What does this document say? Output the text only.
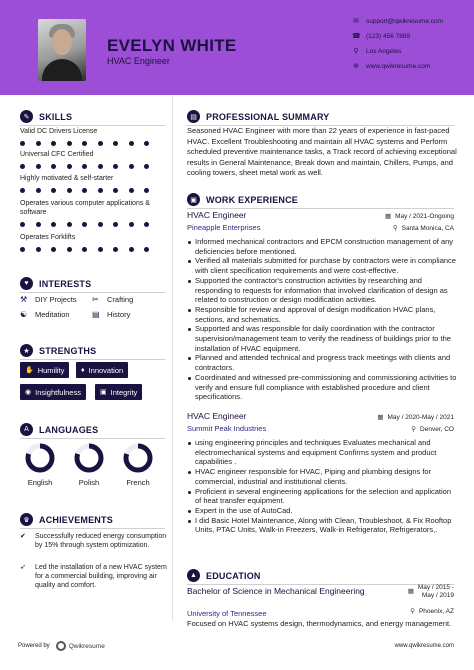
EVELYN WHITE
HVAC Engineer
✉ support@qwikresume.com
☎ (123) 456 7889
⚲ Los Angeles
⊕ www.qwikresume.com
✎	SKILLS
Valid DC Drivers License
Universal CFC Certified
Highly motivated & self-starter
Operates various computer applications & software
Operates Forklifts
♥	INTERESTS
⚒	DIY Projects ✂	Crafting
☯	Meditation	▤ History
★	STRENGTHS
✋ Humility ♦ Innovation
◉ Insightfulness	▣ Integrity
A	LANGUAGES
English	Polish	French
♛	ACHIEVEMENTS
✔	Successfully reduced energy consumption by 15% through system optimization.
➶	Led the installation of a new HVAC system for a commercial building, improving air quality and comfort.
▤	PROFESSIONAL SUMMARY
Seasoned HVAC Engineer with more than 22 years of experience in fast-paced HVAC. Excellent Troubleshooting and maintain all HVAC systems and Perform scheduled preventive maintenance tasks, a Track record of achieving exceptional results in General Maintenance, Break down and maintain, Chillers, Pumps, and cooling towers, sheet metal work as well.
▣	WORK EXPERIENCE
HVAC Engineer	▦ May / 2021-Ongoing
Pineapple Enterprises	⚲ Santa Monica, CA
Informed mechanical contractors and EPCM construction management of any deficiencies before mentioned.
Verified all materials submitted for purchase by contractors were in compliance with client specification requirements and were cost-effective.
Supported the contractor's construction activities by researching and responding to requests for information that involved clarification of design as related to construction or design modification activities.
Responsible for review and approval of design modification HVAC plans, sections, and schematics.
Supported and was responsible for daily coordination with the contractor supervision/management team to verify the readiness of buildings prior to the installation of HVAC equipment.
Planned and attended technical and progress track meetings with clients and contractors.
Coordinated and witnessed pre-commissioning and commissioning activities to verify and ensure full compliance with established procedure and client specifications.
HVAC Engineer	▦ May / 2020-May / 2021
Summit Peak Industries	⚲ Denver, CO
using engineering principles and techniques Evaluates mechanical and electromechanical systems and equipment Confirms system and product capabilities .
HVAC engineer responsible for HVAC, Piping and plumbing designs for commercial, industrial and institutional clients.
Proficient in several engineering applications for the selection and application of heat transfer equipment.
Expert in the use of AutoCad.
I did Basic Hotel Maintenance, Along with Clean, Troubleshoot, & Fix Rooftop Units, PTAC Units, Walk-in Freezers, Walk-in Refrigerator, Refrigerators,.
▲	EDUCATION
Bachelor of Science in Mechanical Engineering	▦
May / 2015 -
May / 2019
University of Tennessee	⚲ Phoenix, AZ
Focused on HVAC systems design, thermodynamics, and energy management.
Powered by	Qwikresume	www.qwikresume.com
